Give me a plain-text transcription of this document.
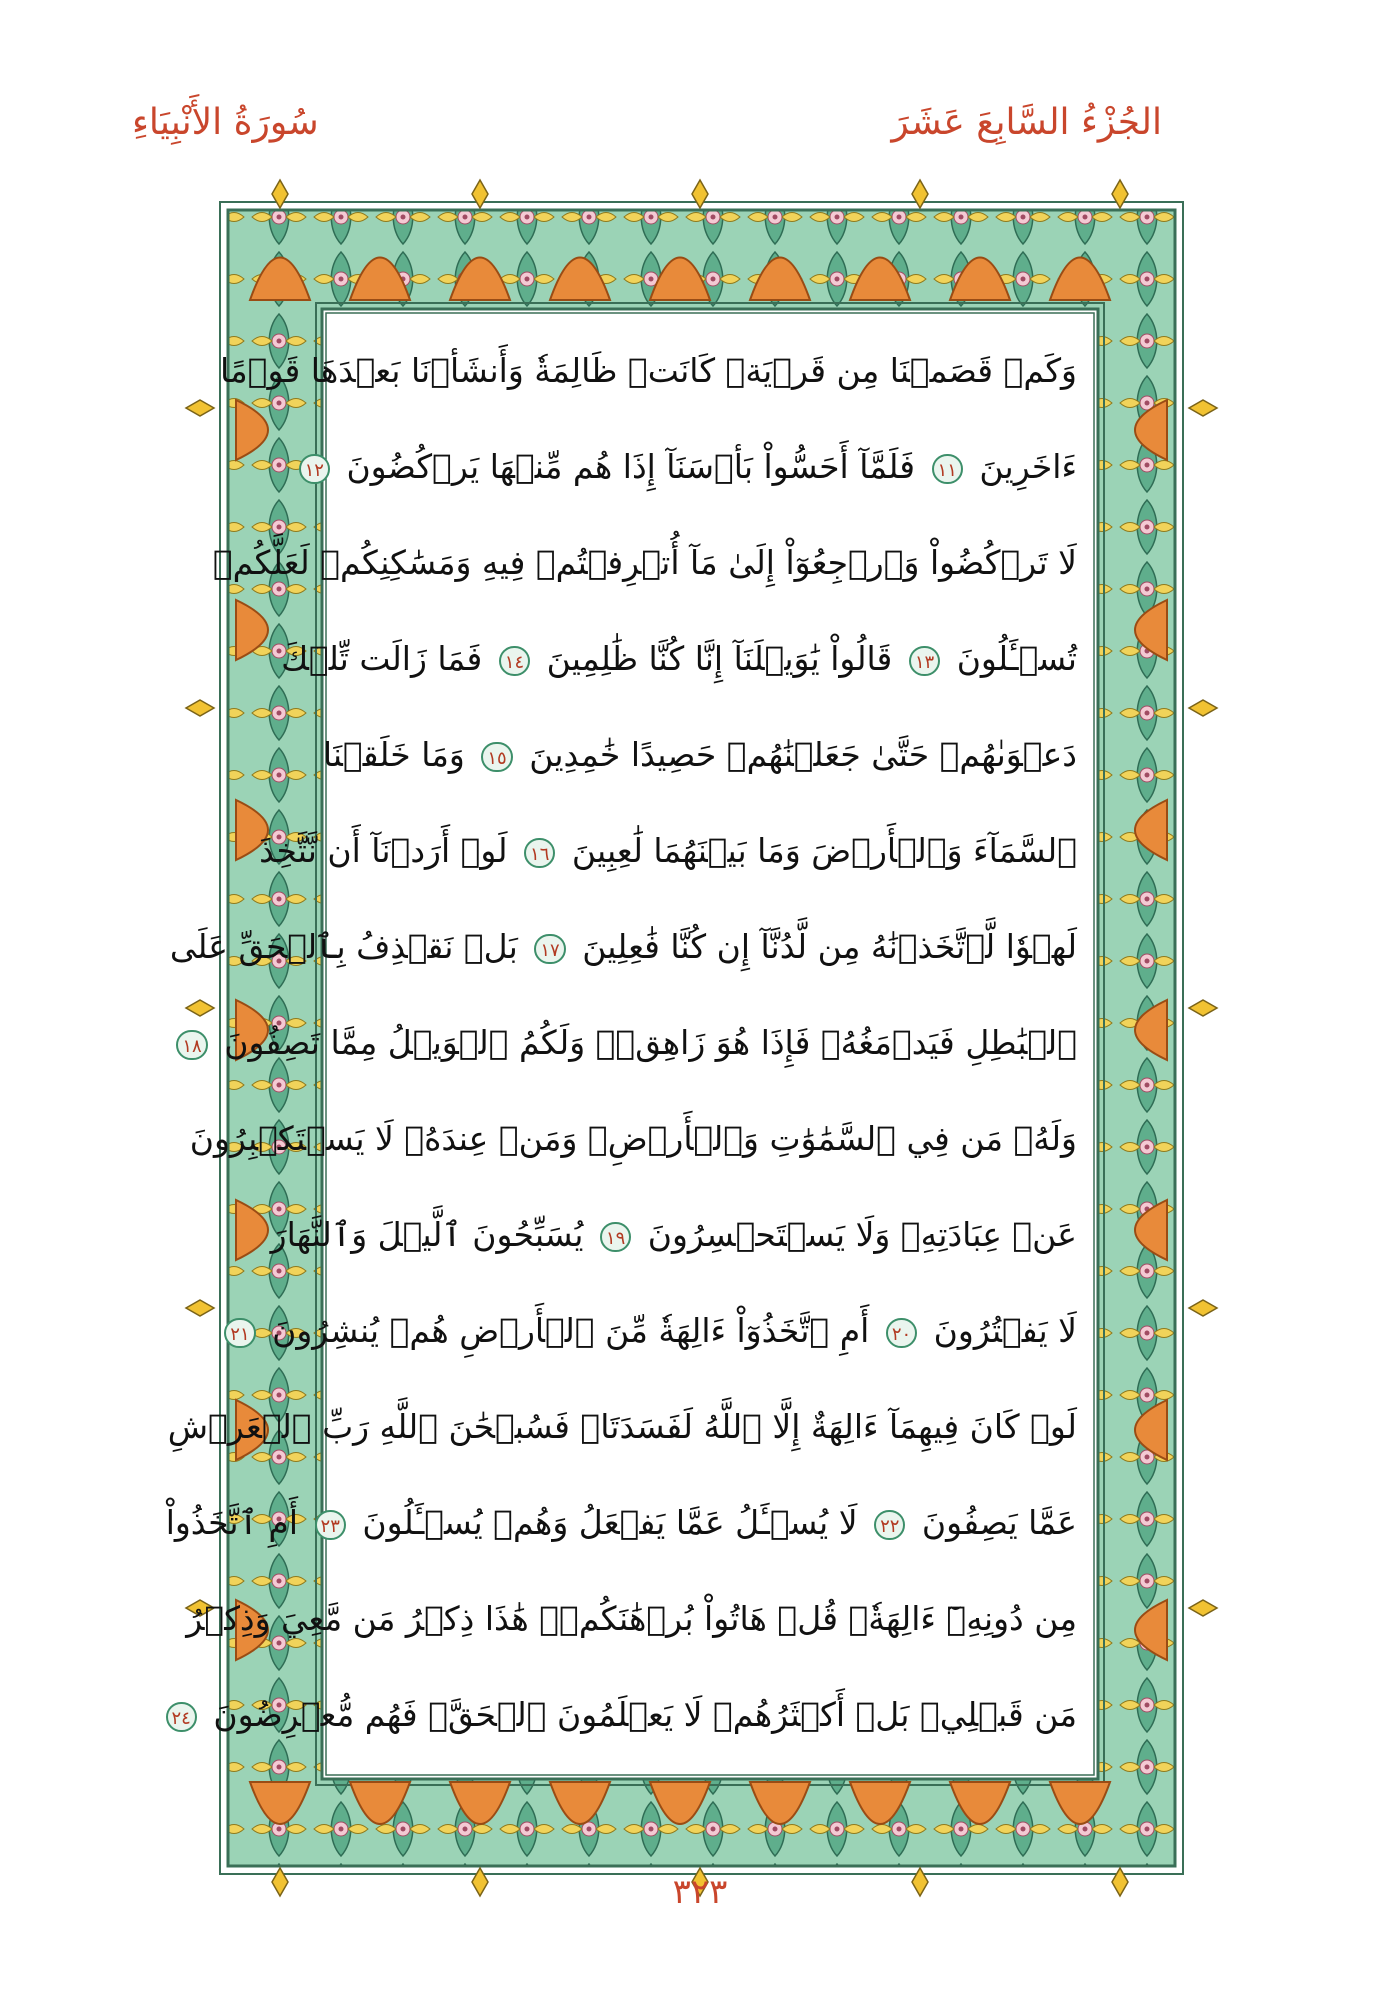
الجُزْءُ السَّابِعَ عَشَرَ
سُورَةُ الأَنْبِيَاءِ
وَكَمۡ قَصَمۡنَا مِن قَرۡيَةٖ كَانَتۡ ظَالِمَةٗ وَأَنشَأۡنَا بَعۡدَهَا قَوۡمًا
ءَاخَرِينَ ١١ فَلَمَّآ أَحَسُّواْ بَأۡسَنَآ إِذَا هُم مِّنۡهَا يَرۡكُضُونَ ١٢
لَا تَرۡكُضُواْ وَٱرۡجِعُوٓاْ إِلَىٰ مَآ أُتۡرِفۡتُمۡ فِيهِ وَمَسَٰكِنِكُمۡ لَعَلَّكُمۡ
تُسۡـَٔلُونَ ١٣ قَالُواْ يَٰوَيۡلَنَآ إِنَّا كُنَّا ظَٰلِمِينَ ١٤ فَمَا زَالَت تِّلۡكَ
دَعۡوَىٰهُمۡ حَتَّىٰ جَعَلۡنَٰهُمۡ حَصِيدًا خَٰمِدِينَ ١٥ وَمَا خَلَقۡنَا
ٱلسَّمَآءَ وَٱلۡأَرۡضَ وَمَا بَيۡنَهُمَا لَٰعِبِينَ ١٦ لَوۡ أَرَدۡنَآ أَن نَّتَّخِذَ
لَهۡوٗا لَّٱتَّخَذۡنَٰهُ مِن لَّدُنَّآ إِن كُنَّا فَٰعِلِينَ ١٧ بَلۡ نَقۡذِفُ بِٱلۡحَقِّ عَلَى
ٱلۡبَٰطِلِ فَيَدۡمَغُهُۥ فَإِذَا هُوَ زَاهِقٞۚ وَلَكُمُ ٱلۡوَيۡلُ مِمَّا تَصِفُونَ ١٨
وَلَهُۥ مَن فِي ٱلسَّمَٰوَٰتِ وَٱلۡأَرۡضِۚ وَمَنۡ عِندَهُۥ لَا يَسۡتَكۡبِرُونَ
عَنۡ عِبَادَتِهِۦ وَلَا يَسۡتَحۡسِرُونَ ١٩ يُسَبِّحُونَ ٱلَّيۡلَ وَٱلنَّهَارَ
لَا يَفۡتُرُونَ ٢٠ أَمِ ٱتَّخَذُوٓاْ ءَالِهَةٗ مِّنَ ٱلۡأَرۡضِ هُمۡ يُنشِرُونَ ٢١
لَوۡ كَانَ فِيهِمَآ ءَالِهَةٌ إِلَّا ٱللَّهُ لَفَسَدَتَاۚ فَسُبۡحَٰنَ ٱللَّهِ رَبِّ ٱلۡعَرۡشِ
عَمَّا يَصِفُونَ ٢٢ لَا يُسۡـَٔلُ عَمَّا يَفۡعَلُ وَهُمۡ يُسۡـَٔلُونَ ٢٣ أَمِ ٱتَّخَذُواْ
مِن دُونِهِۦٓ ءَالِهَةٗۖ قُلۡ هَاتُواْ بُرۡهَٰنَكُمۡۖ هَٰذَا ذِكۡرُ مَن مَّعِيَ وَذِكۡرُ
مَن قَبۡلِيۚ بَلۡ أَكۡثَرُهُمۡ لَا يَعۡلَمُونَ ٱلۡحَقَّۖ فَهُم مُّعۡرِضُونَ ٢٤
٣٢٣
